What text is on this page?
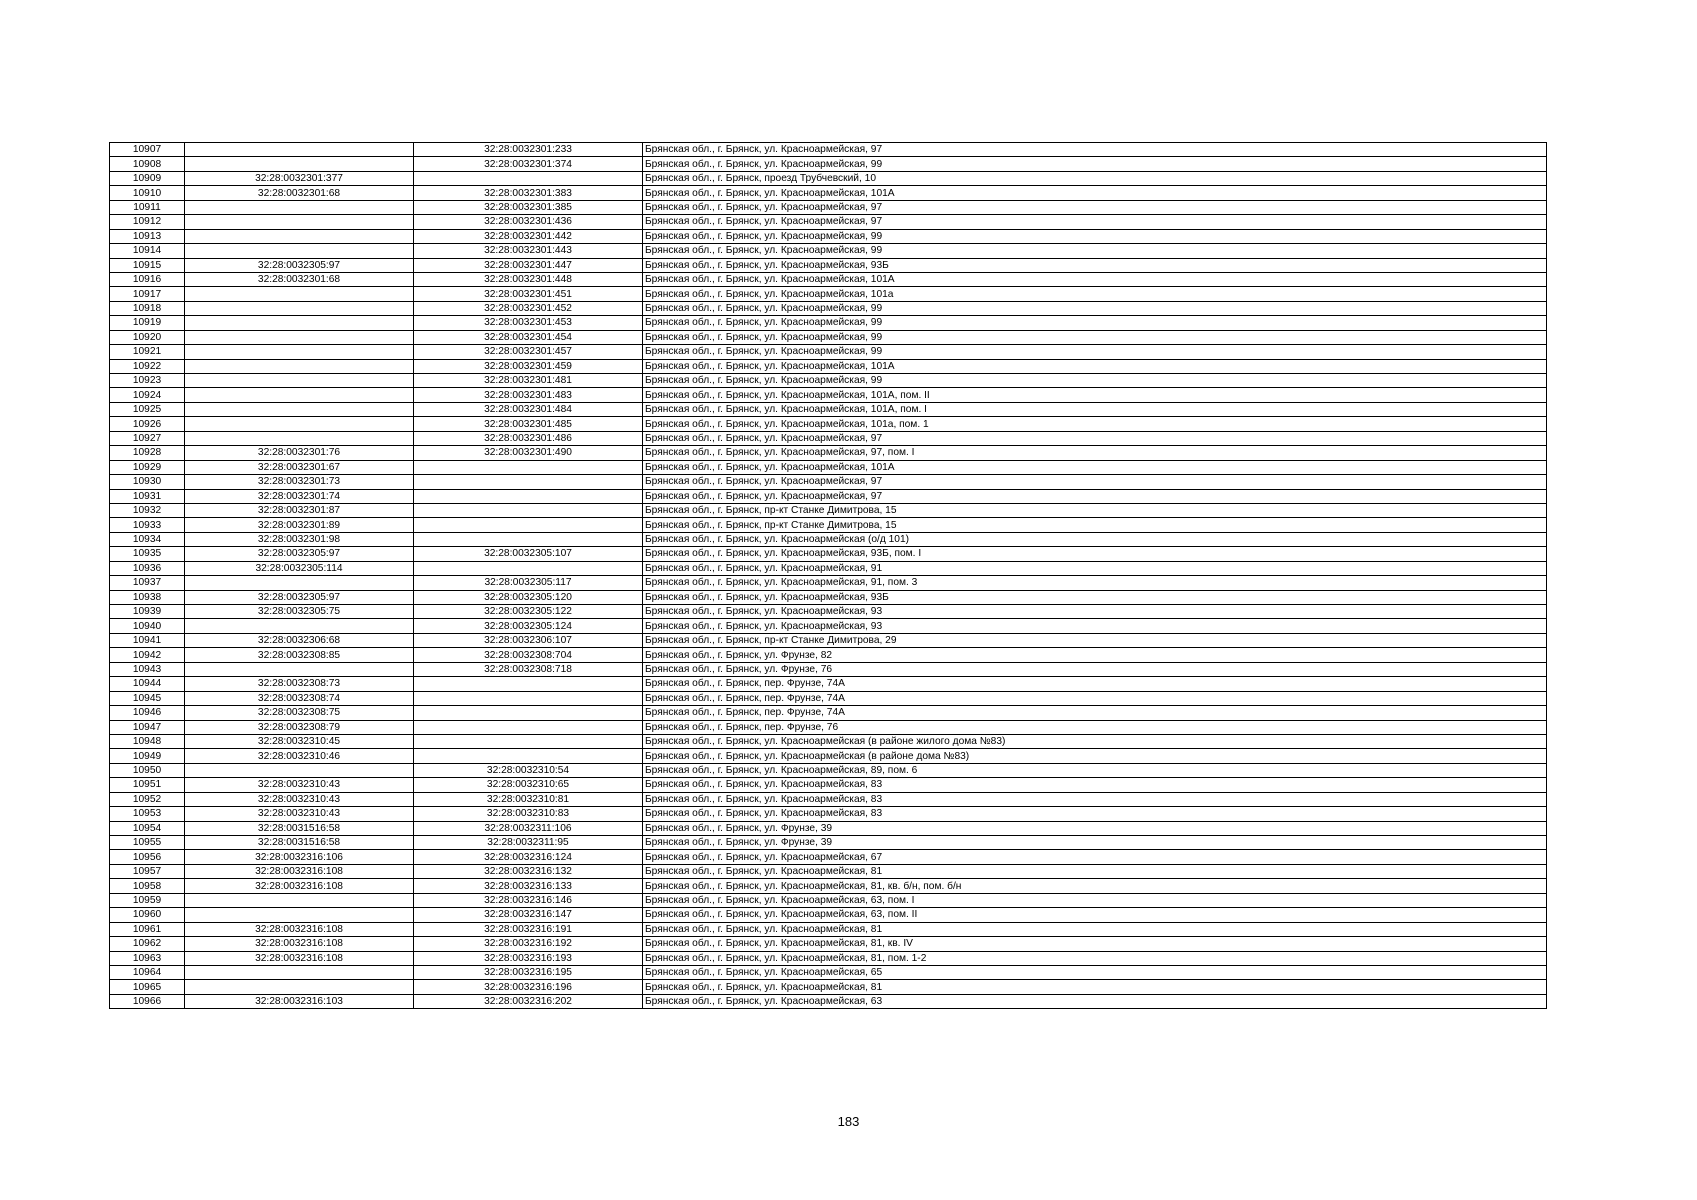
10907		32:28:0032301:233	Брянская обл., г. Брянск, ул. Красноармейская, 97
10908		32:28:0032301:374	Брянская обл., г. Брянск, ул. Красноармейская, 99
10909	32:28:0032301:377		Брянская обл., г. Брянск, проезд Трубчевский, 10
10910	32:28:0032301:68	32:28:0032301:383	Брянская обл., г. Брянск, ул. Красноармейская, 101А
10911		32:28:0032301:385	Брянская обл., г. Брянск, ул. Красноармейская, 97
10912		32:28:0032301:436	Брянская обл., г. Брянск, ул. Красноармейская, 97
10913		32:28:0032301:442	Брянская обл., г. Брянск, ул. Красноармейская, 99
10914		32:28:0032301:443	Брянская обл., г. Брянск, ул. Красноармейская, 99
10915	32:28:0032305:97	32:28:0032301:447	Брянская обл., г. Брянск, ул. Красноармейская, 93Б
10916	32:28:0032301:68	32:28:0032301:448	Брянская обл., г. Брянск, ул. Красноармейская, 101А
10917		32:28:0032301:451	Брянская обл., г. Брянск, ул. Красноармейская, 101а
10918		32:28:0032301:452	Брянская обл., г. Брянск, ул. Красноармейская, 99
10919		32:28:0032301:453	Брянская обл., г. Брянск, ул. Красноармейская, 99
10920		32:28:0032301:454	Брянская обл., г. Брянск, ул. Красноармейская, 99
10921		32:28:0032301:457	Брянская обл., г. Брянск, ул. Красноармейская, 99
10922		32:28:0032301:459	Брянская обл., г. Брянск, ул. Красноармейская, 101А
10923		32:28:0032301:481	Брянская обл., г. Брянск, ул. Красноармейская, 99
10924		32:28:0032301:483	Брянская обл., г. Брянск, ул. Красноармейская, 101А, пом. II
10925		32:28:0032301:484	Брянская обл., г. Брянск, ул. Красноармейская, 101А, пом. I
10926		32:28:0032301:485	Брянская обл., г. Брянск, ул. Красноармейская, 101а, пом. 1
10927		32:28:0032301:486	Брянская обл., г. Брянск, ул. Красноармейская, 97
10928	32:28:0032301:76	32:28:0032301:490	Брянская обл., г. Брянск, ул. Красноармейская, 97, пом. I
10929	32:28:0032301:67		Брянская обл., г. Брянск, ул. Красноармейская, 101А
10930	32:28:0032301:73		Брянская обл., г. Брянск, ул. Красноармейская, 97
10931	32:28:0032301:74		Брянская обл., г. Брянск, ул. Красноармейская, 97
10932	32:28:0032301:87		Брянская обл., г. Брянск, пр-кт Станке Димитрова, 15
10933	32:28:0032301:89		Брянская обл., г. Брянск, пр-кт Станке Димитрова, 15
10934	32:28:0032301:98		Брянская обл., г. Брянск, ул. Красноармейская (о/д 101)
10935	32:28:0032305:97	32:28:0032305:107	Брянская обл., г. Брянск, ул. Красноармейская, 93Б, пом. I
10936	32:28:0032305:114		Брянская обл., г. Брянск, ул. Красноармейская, 91
10937		32:28:0032305:117	Брянская обл., г. Брянск, ул. Красноармейская, 91, пом. 3
10938	32:28:0032305:97	32:28:0032305:120	Брянская обл., г. Брянск, ул. Красноармейская, 93Б
10939	32:28:0032305:75	32:28:0032305:122	Брянская обл., г. Брянск, ул. Красноармейская, 93
10940		32:28:0032305:124	Брянская обл., г. Брянск, ул. Красноармейская, 93
10941	32:28:0032306:68	32:28:0032306:107	Брянская обл., г. Брянск, пр-кт Станке Димитрова, 29
10942	32:28:0032308:85	32:28:0032308:704	Брянская обл., г. Брянск, ул. Фрунзе, 82
10943		32:28:0032308:718	Брянская обл., г. Брянск, ул. Фрунзе, 76
10944	32:28:0032308:73		Брянская обл., г. Брянск, пер. Фрунзе, 74А
10945	32:28:0032308:74		Брянская обл., г. Брянск, пер. Фрунзе, 74А
10946	32:28:0032308:75		Брянская обл., г. Брянск, пер. Фрунзе, 74А
10947	32:28:0032308:79		Брянская обл., г. Брянск, пер. Фрунзе, 76
10948	32:28:0032310:45		Брянская обл., г. Брянск, ул. Красноармейская (в районе жилого дома №83)
10949	32:28:0032310:46		Брянская обл., г. Брянск, ул. Красноармейская (в районе дома №83)
10950		32:28:0032310:54	Брянская обл., г. Брянск, ул. Красноармейская, 89, пом. 6
10951	32:28:0032310:43	32:28:0032310:65	Брянская обл., г. Брянск, ул. Красноармейская, 83
10952	32:28:0032310:43	32:28:0032310:81	Брянская обл., г. Брянск, ул. Красноармейская, 83
10953	32:28:0032310:43	32:28:0032310:83	Брянская обл., г. Брянск, ул. Красноармейская, 83
10954	32:28:0031516:58	32:28:0032311:106	Брянская обл., г. Брянск, ул. Фрунзе, 39
10955	32:28:0031516:58	32:28:0032311:95	Брянская обл., г. Брянск, ул. Фрунзе, 39
10956	32:28:0032316:106	32:28:0032316:124	Брянская обл., г. Брянск, ул. Красноармейская, 67
10957	32:28:0032316:108	32:28:0032316:132	Брянская обл., г. Брянск, ул. Красноармейская, 81
10958	32:28:0032316:108	32:28:0032316:133	Брянская обл., г. Брянск, ул. Красноармейская, 81, кв. б/н, пом. б/н
10959		32:28:0032316:146	Брянская обл., г. Брянск, ул. Красноармейская, 63, пом. I
10960		32:28:0032316:147	Брянская обл., г. Брянск, ул. Красноармейская, 63, пом. II
10961	32:28:0032316:108	32:28:0032316:191	Брянская обл., г. Брянск, ул. Красноармейская, 81
10962	32:28:0032316:108	32:28:0032316:192	Брянская обл., г. Брянск, ул. Красноармейская, 81, кв. IV
10963	32:28:0032316:108	32:28:0032316:193	Брянская обл., г. Брянск, ул. Красноармейская, 81, пом. 1-2
10964		32:28:0032316:195	Брянская обл., г. Брянск, ул. Красноармейская, 65
10965		32:28:0032316:196	Брянская обл., г. Брянск, ул. Красноармейская, 81
10966	32:28:0032316:103	32:28:0032316:202	Брянская обл., г. Брянск, ул. Красноармейская, 63
183
